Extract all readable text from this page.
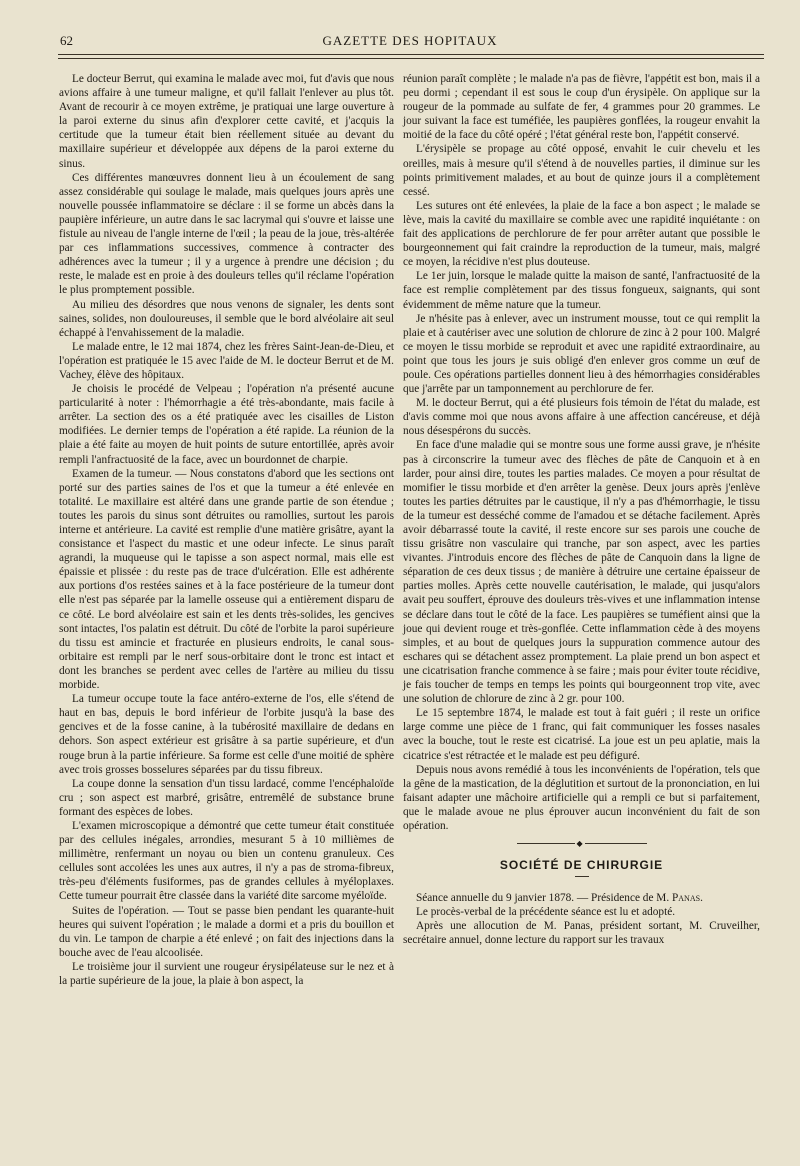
62	GAZETTE DES HOPITAUX

Le docteur Berrut, qui examina le malade avec moi, fut d'avis que nous avions affaire à une tumeur maligne, et qu'il fallait l'enlever au plus tôt. Avant de recourir à ce moyen extrême, je pratiquai une large ouverture à la paroi externe du sinus afin d'explorer cette cavité, et j'acquis la certitude que la tumeur était bien réellement située au devant du maxillaire supérieur et développée aux dépens de la paroi externe du sinus.

Ces différentes manœuvres donnent lieu à un écoulement de sang assez considérable qui soulage le malade, mais quelques jours après une nouvelle poussée inflammatoire se déclare : il se forme un abcès dans la paupière inférieure, un autre dans le sac lacrymal qui s'ouvre et laisse une fistule au niveau de l'angle interne de l'œil ; la peau de la joue, très-altérée par ces inflammations successives, commence à contracter des adhérences avec la tumeur ; il y a urgence à prendre une décision ; du reste, le malade est en proie à des douleurs telles qu'il réclame l'opération le plus promptement possible.

Au milieu des désordres que nous venons de signaler, les dents sont saines, solides, non douloureuses, il semble que le bord alvéolaire ait seul échappé à l'envahissement de la maladie.

Le malade entre, le 12 mai 1874, chez les frères Saint-Jean-de-Dieu, et l'opération est pratiquée le 15 avec l'aide de M. le docteur Berrut et de M. Vachey, élève des hôpitaux.

Je choisis le procédé de Velpeau ; l'opération n'a présenté aucune particularité à noter : l'hémorrhagie a été très-abondante, mais facile à arrêter. La section des os a été pratiquée avec les cisailles de Liston modifiées. Le dernier temps de l'opération a été rapide. La réunion de la plaie a été faite au moyen de huit points de suture entortillée, après avoir rempli l'anfractuosité de la face, avec un bourdonnet de charpie.

Examen de la tumeur. — Nous constatons d'abord que les sections ont porté sur des parties saines de l'os et que la tumeur a été enlevée en totalité. Le maxillaire est altéré dans une grande partie de son étendue ; toutes les parois du sinus sont détruites ou ramollies, surtout les parois interne et antérieure. La cavité est remplie d'une matière grisâtre, ayant la consistance et l'aspect du mastic et une odeur infecte. Le sinus paraît agrandi, la muqueuse qui le tapisse a son aspect normal, mais elle est épaissie et plissée : du reste pas de trace d'ulcération. Elle est adhérente aux portions d'os restées saines et à la face postérieure de la tumeur dont elle n'est pas séparée par la lamelle osseuse qui a entièrement disparu de ce côté. Le bord alvéolaire est sain et les dents très-solides, les gencives sont intactes, l'os palatin est détruit. Du côté de l'orbite la paroi supérieure du tissu est amincie et fracturée en plusieurs endroits, le canal sous-orbitaire est rempli par le nerf sous-orbitaire dont le tronc est intact et dont les branches se perdent avec celles de l'artère au milieu du tissu morbide.

La tumeur occupe toute la face antéro-externe de l'os, elle s'étend de haut en bas, depuis le bord inférieur de l'orbite jusqu'à la base des gencives et de la fosse canine, à la tubérosité maxillaire de dedans en dehors. Son aspect extérieur est grisâtre à sa partie supérieure, et d'un rouge brun à la partie inférieure. Sa forme est celle d'une moitié de sphère avec trois grosses bosselures séparées par du tissu fibreux.

La coupe donne la sensation d'un tissu lardacé, comme l'encéphaloïde cru ; son aspect est marbré, grisâtre, entremêlé de substance brune formant des espèces de lobes.

L'examen microscopique a démontré que cette tumeur était constituée par des cellules inégales, arrondies, mesurant 5 à 10 millièmes de millimètre, renfermant un noyau ou bien un contenu granuleux. Ces cellules sont accolées les unes aux autres, il n'y a pas de stroma-fibreux, très-peu d'éléments fusiformes, pas de grandes cellules à myéloplaxes. Cette tumeur pourrait être classée dans la variété dite sarcome myéloïde.

Suites de l'opération. — Tout se passe bien pendant les quarante-huit heures qui suivent l'opération ; le malade a dormi et a pris du bouillon et du vin. Le tampon de charpie a été enlevé ; on fait des injections dans la bouche avec de l'eau alcoolisée.

Le troisième jour il survient une rougeur érysipélateuse sur le nez et à la partie supérieure de la joue, la plaie à bon aspect, la

réunion paraît complète ; le malade n'a pas de fièvre, l'appétit est bon, mais il a peu dormi ; cependant il est sous le coup d'un érysipèle. On applique sur la rougeur de la pommade au sulfate de fer, 4 grammes pour 20 grammes. Le jour suivant la face est tuméfiée, les paupières gonflées, la rougeur envahit la moitié de la face du côté opéré ; l'état général reste bon, l'appétit conservé.

L'érysipèle se propage au côté opposé, envahit le cuir chevelu et les oreilles, mais à mesure qu'il s'étend à de nouvelles parties, il diminue sur les points primitivement malades, et au bout de quinze jours il a complètement cessé.

Les sutures ont été enlevées, la plaie de la face a bon aspect ; le malade se lève, mais la cavité du maxillaire se comble avec une rapidité inquiétante : on fait des applications de perchlorure de fer pour arrêter autant que possible le bourgeonnement qui fait craindre la reproduction de la tumeur, mais, malgré ce moyen, la récidive n'est plus douteuse.

Le 1er juin, lorsque le malade quitte la maison de santé, l'anfractuosité de la face est remplie complètement par des tissus fongueux, saignants, qui sont évidemment de même nature que la tumeur.

Je n'hésite pas à enlever, avec un instrument mousse, tout ce qui remplit la plaie et à cautériser avec une solution de chlorure de zinc à 2 pour 100. Malgré ce moyen le tissu morbide se reproduit et avec une rapidité extraordinaire, au point que tous les jours je suis obligé d'en enlever gros comme un œuf de poule. Ces opérations partielles donnent lieu à des hémorrhagies considérables que j'arrête par un tamponnement au perchlorure de fer.

M. le docteur Berrut, qui a été plusieurs fois témoin de l'état du malade, est d'avis comme moi que nous avons affaire à une affection cancéreuse, et déjà nous désespérons du succès.

En face d'une maladie qui se montre sous une forme aussi grave, je n'hésite pas à circonscrire la tumeur avec des flèches de pâte de Canquoin et à en larder, pour ainsi dire, toutes les parties malades. Ce moyen a pour résultat de momifier le tissu morbide et d'en arrêter la genèse. Deux jours après j'enlève toutes les parties détruites par le caustique, il n'y a pas d'hémorrhagie, le tissu de la tumeur est desséché comme de l'amadou et se détache facilement. Après avoir débarrassé toute la cavité, il reste encore sur ses parois une couche de tissu grisâtre non vasculaire qui tranche, par son aspect, avec les parties vivantes. J'introduis encore des flèches de pâte de Canquoin dans la ligne de séparation de ces deux tissus ; de manière à détruire une certaine épaisseur de parties molles. Après cette nouvelle cautérisation, le malade, qui jusqu'alors avait peu souffert, éprouve des douleurs très-vives et une inflammation intense se déclare dans tout le côté de la face. Les paupières se tuméfient ainsi que la joue qui devient rouge et très-gonflée. Cette inflammation cède à des moyens simples, et au bout de quelques jours la suppuration commence autour des eschares qui se détachent assez promptement. La plaie prend un bon aspect et une cicatrisation franche commence à se faire ; mais pour éviter toute récidive, je fais toucher de temps en temps les points qui bourgeonnent trop vite, avec une solution de chlorure de zinc à 2 gr. pour 100.

Le 15 septembre 1874, le malade est tout à fait guéri ; il reste un orifice large comme une pièce de 1 franc, qui fait communiquer les fosses nasales avec la bouche, tout le reste est cicatrisé. La joue est un peu aplatie, mais la cicatrice s'est rétractée et le malade est peu défiguré.

Depuis nous avons remédié à tous les inconvénients de l'opération, tels que la gêne de la mastication, de la déglutition et surtout de la prononciation, en lui faisant adapter une mâchoire artificielle qui a rempli ce but si parfaitement, que le malade avoue ne plus éprouver aucun inconvénient du fait de son opération.

◆
SOCIÉTÉ DE CHIRURGIE

Séance annuelle du 9 janvier 1878. — Présidence de M. Panas.

Le procès-verbal de la précédente séance est lu et adopté.

Après une allocution de M. Panas, président sortant, M. Cruveilher, secrétaire annuel, donne lecture du rapport sur les travaux
